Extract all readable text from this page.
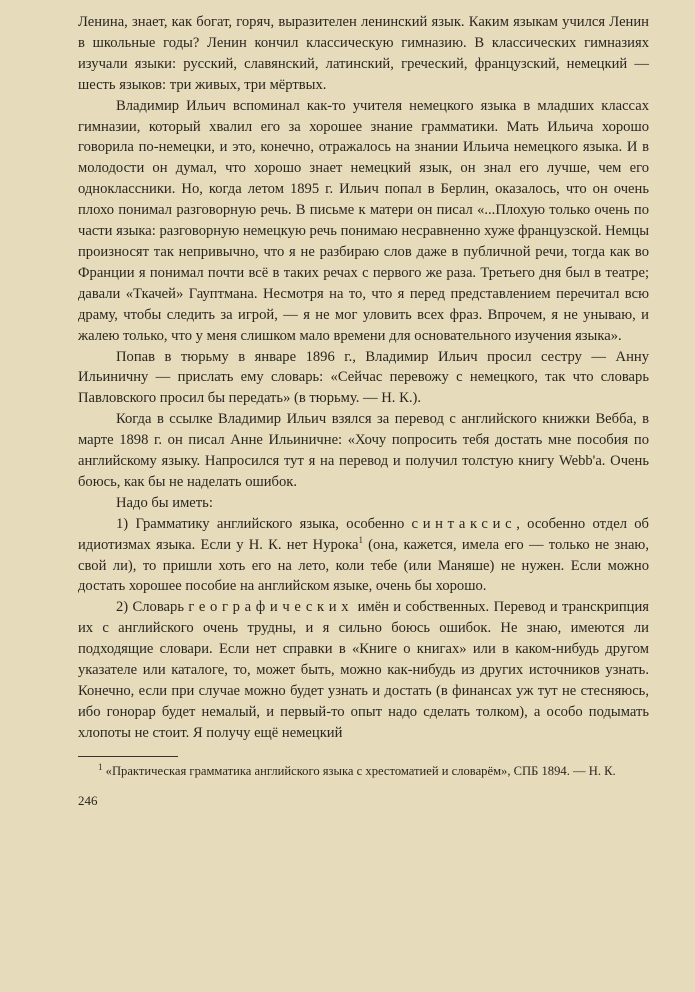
Ленина, знает, как богат, горяч, выразителен ленинский язык. Каким языкам учился Ленин в школьные годы? Ленин кончил классическую гимназию. В классических гимназиях изучали языки: русский, славянский, латинский, греческий, французский, немецкий — шесть языков: три живых, три мёртвых.

Владимир Ильич вспоминал как-то учителя немецкого языка в младших классах гимназии, который хвалил его за хорошее знание грамматики. Мать Ильича хорошо говорила по-немецки, и это, конечно, отражалось на знании Ильича немецкого языка. И в молодости он думал, что хорошо знает немецкий язык, он знал его лучше, чем его одноклассники. Но, когда летом 1895 г. Ильич попал в Берлин, оказалось, что он очень плохо понимал разговорную речь. В письме к матери он писал «...Плохую только очень по части языка: разговорную немецкую речь понимаю несравненно хуже французской. Немцы произносят так непривычно, что я не разбираю слов даже в публичной речи, тогда как во Франции я понимал почти всё в таких речах с первого же раза. Третьего дня был в театре; давали «Ткачей» Гауптмана. Несмотря на то, что я перед представлением перечитал всю драму, чтобы следить за игрой, — я не мог уловить всех фраз. Впрочем, я не унываю, и жалею только, что у меня слишком мало времени для основательного изучения языка».

Попав в тюрьму в январе 1896 г., Владимир Ильич просил сестру — Анну Ильиничну — прислать ему словарь: «Сейчас перевожу с немецкого, так что словарь Павловского просил бы передать» (в тюрьму. — Н. К.).

Когда в ссылке Владимир Ильич взялся за перевод с английского книжки Вебба, в марте 1898 г. он писал Анне Ильиничне: «Хочу попросить тебя достать мне пособия по английскому языку. Напросился тут я на перевод и получил толстую книгу Webb'a. Очень боюсь, как бы не наделать ошибок.

Надо бы иметь:

1) Грамматику английского языка, особенно синтаксис, особенно отдел об идиотизмах языка. Если у Н. К. нет Нурока$^1$ (она, кажется, имела его — только не знаю, свой ли), то пришли хоть его на лето, коли тебе (или Маняше) не нужен. Если можно достать хорошее пособие на английском языке, очень бы хорошо.

2) Словарь географических имён и собственных. Перевод и транскрипция их с английского очень трудны, и я сильно боюсь ошибок. Не знаю, имеются ли подходящие словари. Если нет справки в «Книге о книгах» или в каком-нибудь другом указателе или каталоге, то, может быть, можно как-нибудь из других источников узнать. Конечно, если при случае можно будет узнать и достать (в финансах уж тут не стесняюсь, ибо гонорар будет немалый, и первый-то опыт надо сделать толком), а особо подымать хлопоты не стоит. Я получу ещё немецкий

$^1$ «Практическая грамматика английского языка с хрестоматией и словарём», СПБ 1894. — Н. К.
246
